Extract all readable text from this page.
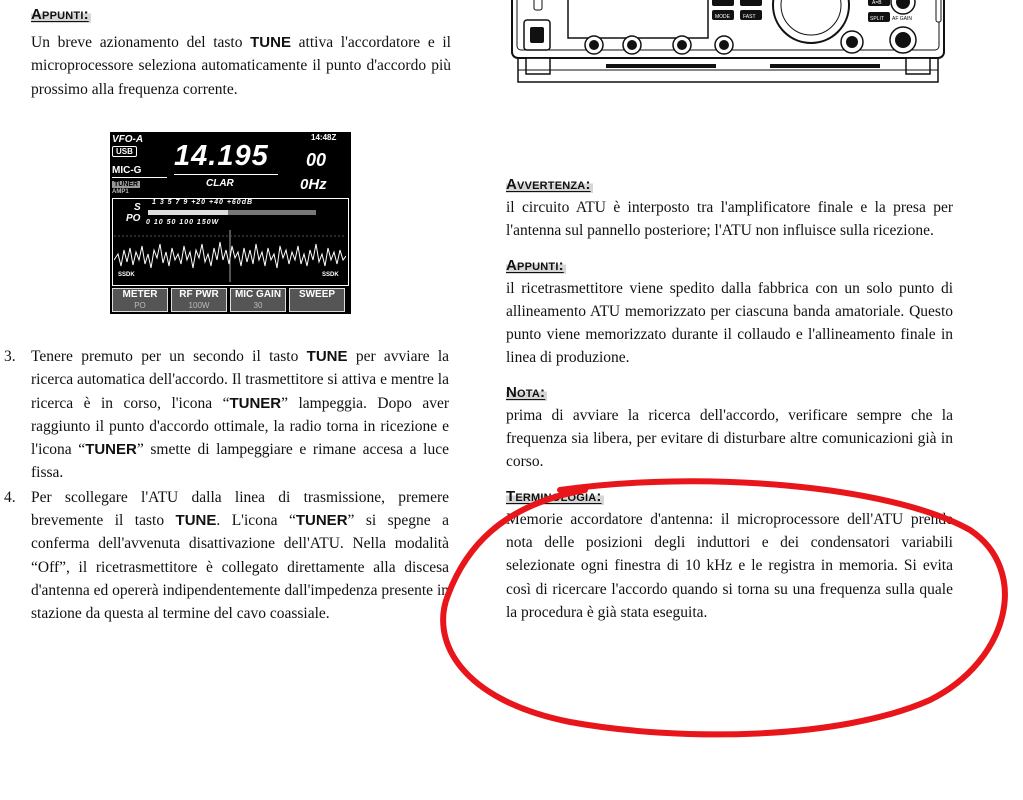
Appunti:

Un breve azionamento del tasto TUNE attiva l'accordatore e il microprocessore seleziona automaticamente il punto d'accordo più prossimo alla frequenza corrente.

VFO-A
USB
14:48Z
14.195 00
MIC-G
CLAR	0Hz
TUNER
AMP1
S
PO
1 3 5 7 9 +20 +40 +60dB
0 10 50 100 150W
SSDK	SSDK
METER
PO
RF PWR
100W
MIC GAIN
30
SWEEP
3. Tenere premuto per un secondo il tasto TUNE per avviare la ricerca automatica dell'accordo. Il trasmettitore si attiva e mentre la ricerca è in corso, l'icona “TUNER” lampeggia. Dopo aver raggiunto il punto d'accordo ottimale, la radio torna in ricezione e l'icona “TUNER” smette di lampeggiare e rimane accesa a luce fissa.
4. Per scollegare l'ATU dalla linea di trasmissione, premere brevemente il tasto TUNE. L'icona “TUNER” si spegne a conferma dell'avvenuta disattivazione dell'ATU. Nella modalità “Off”, il ricetrasmettitore è collegato direttamente alla discesa d'antenna ed opererà indipendentemente dall'impedenza presente in stazione da questa al termine del cavo coassiale.
MODE	FAST
A=B
SPLIT AF GAIN
Avvertenza:

il circuito ATU è interposto tra l'amplificatore finale e la presa per l'antenna sul pannello posteriore; l'ATU non influisce sulla ricezione.

Appunti:

il ricetrasmettitore viene spedito dalla fabbrica con un solo punto di allineamento ATU memorizzato per ciascuna banda amatoriale. Questo punto viene memorizzato durante il collaudo e l'allineamento finale in linea di produzione.

Nota:

prima di avviare la ricerca dell'accordo, verificare sempre che la frequenza sia libera, per evitare di disturbare altre comunicazioni già in corso.

Terminologia:

Memorie accordatore d'antenna: il microprocessore dell'ATU prende nota delle posizioni degli induttori e dei condensatori variabili selezionate ogni finestra di 10 kHz e le registra in memoria. Si evita così di ricercare l'accordo quando si torna su una frequenza sulla quale la procedura è già stata eseguita.
